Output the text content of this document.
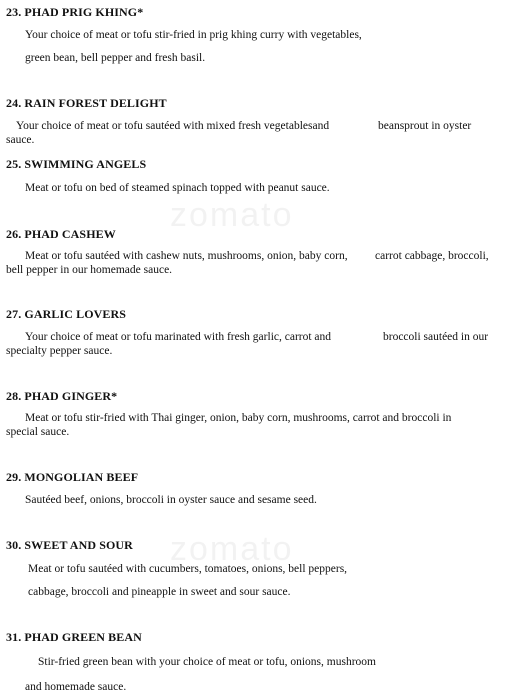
zomato
zomato
23. PHAD PRIG KHING*
Your choice of meat or tofu stir-fried in prig khing curry with vegetables,
green bean, bell pepper and fresh basil.
24. RAIN FOREST DELIGHT
Your choice of meat or tofu sautéed with mixed fresh vegetablesand	beansprout in oyster
sauce.
25. SWIMMING ANGELS
Meat or tofu on bed of steamed spinach topped with peanut sauce.
26. PHAD CASHEW
Meat or tofu sautéed with cashew nuts, mushrooms, onion, baby corn, carrot cabbage, broccoli,
bell pepper in our homemade sauce.
27. GARLIC LOVERS
Your choice of meat or tofu marinated with fresh garlic, carrot and	broccoli sautéed in our
specialty pepper sauce.
28. PHAD GINGER*
Meat or tofu stir-fried with Thai ginger, onion, baby corn, mushrooms, carrot and broccoli in
special sauce.
29. MONGOLIAN BEEF
Sautéed beef, onions, broccoli in oyster sauce and sesame seed.
30. SWEET AND SOUR
Meat or tofu sautéed with cucumbers, tomatoes, onions, bell peppers,
cabbage, broccoli and pineapple in sweet and sour sauce.
31. PHAD GREEN BEAN
Stir-fried green bean with your choice of meat or tofu, onions, mushroom
and homemade sauce.
